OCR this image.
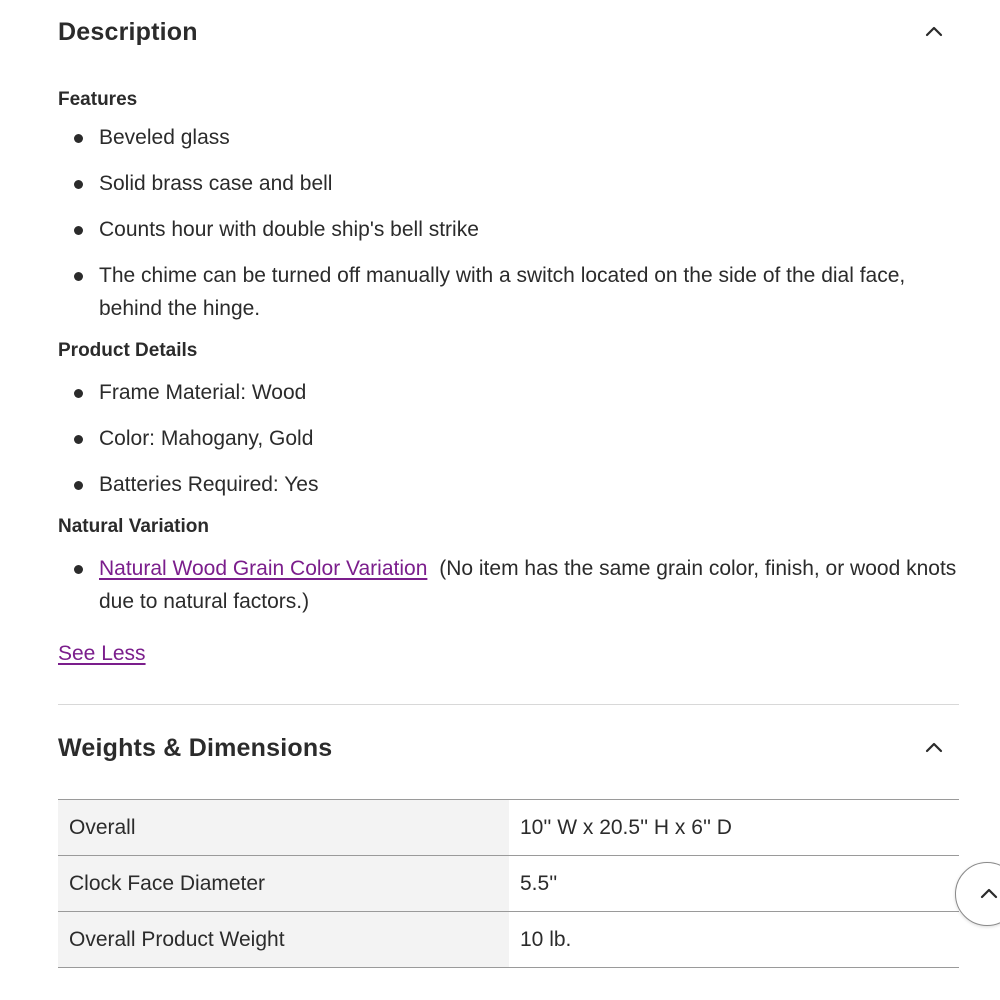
Description

Features

Beveled glass
Solid brass case and bell
Counts hour with double ship's bell strike
The chime can be turned off manually with a switch located on the side of the dial face, behind the hinge.

Product Details

Frame Material: Wood
Color: Mahogany, Gold
Batteries Required: Yes

Natural Variation

Natural Wood Grain Color Variation (No item has the same grain color, finish, or wood knots due to natural factors.)
See Less
Weights & Dimensions
Overall	10'' W x 20.5'' H x 6'' D
Clock Face Diameter	5.5''
Overall Product Weight	10 lb.
